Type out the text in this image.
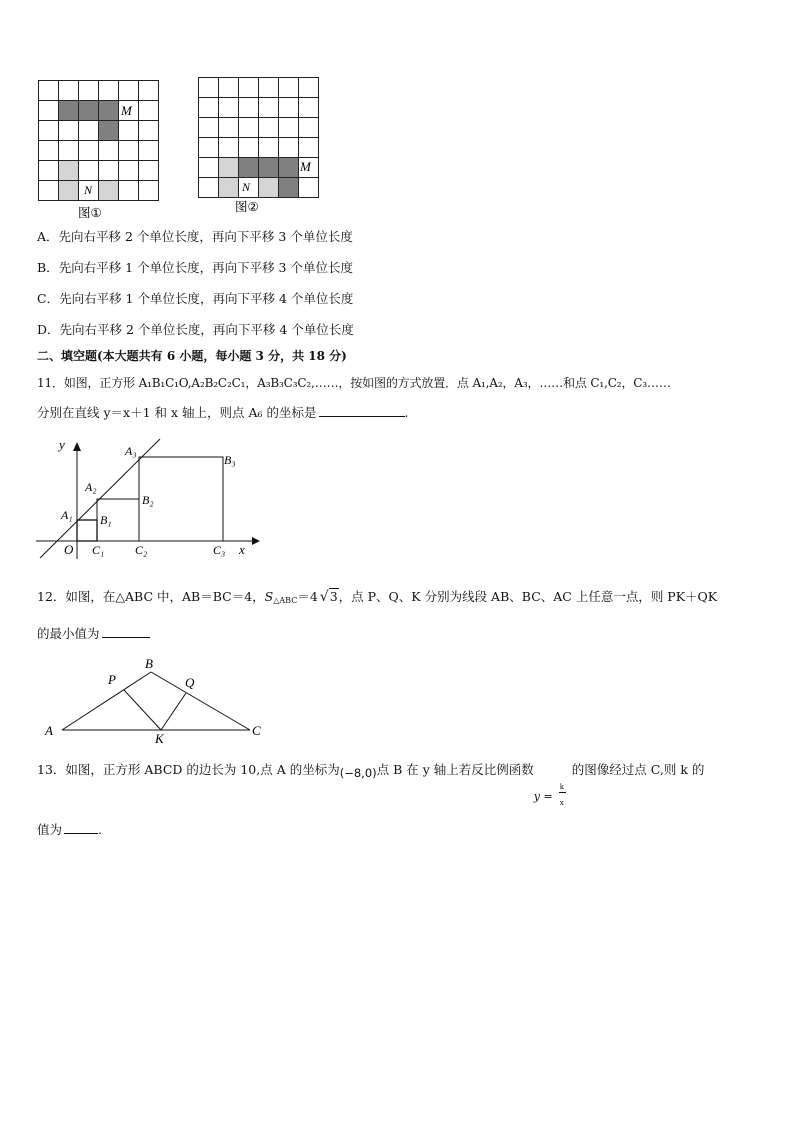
M
N
图①
M
N
图②
A．先向右平移 2 个单位长度，再向下平移 3 个单位长度
B．先向右平移 1 个单位长度，再向下平移 3 个单位长度
C．先向右平移 1 个单位长度，再向下平移 4 个单位长度
D．先向右平移 2 个单位长度，再向下平移 4 个单位长度
二、填空题(本大题共有 6 小题，每小题 3 分，共 18 分)
11．如图，正方形 A₁B₁C₁O,A₂B₂C₂C₁，A₃B₃C₃C₂,……，按如图的方式放置．点 A₁,A₂，A₃，……和点 C₁,C₂，C₃……
分别在直线 y＝x＋1 和 x 轴上，则点 A₆ 的坐标是	.
y
x
O
A₁
A₂
A₃
B₁
B₂
B₃
C₁	C₂	C₃
12．如图，在△ABC 中，AB＝BC＝4，$S_{\triangle ABC}=4$ √3，点 P、Q、K 分别为线段 AB、BC、AC 上任意一点，则 PK＋QK
的最小值为
A
B
C
P	Q
K
13．如图，正方形 ABCD 的边长为 10,点 A 的坐标为(−8,0)点 B 在 y 轴上若反比例函数
y =
k
x
的图像经过点 C,则 k 的
值为	.
